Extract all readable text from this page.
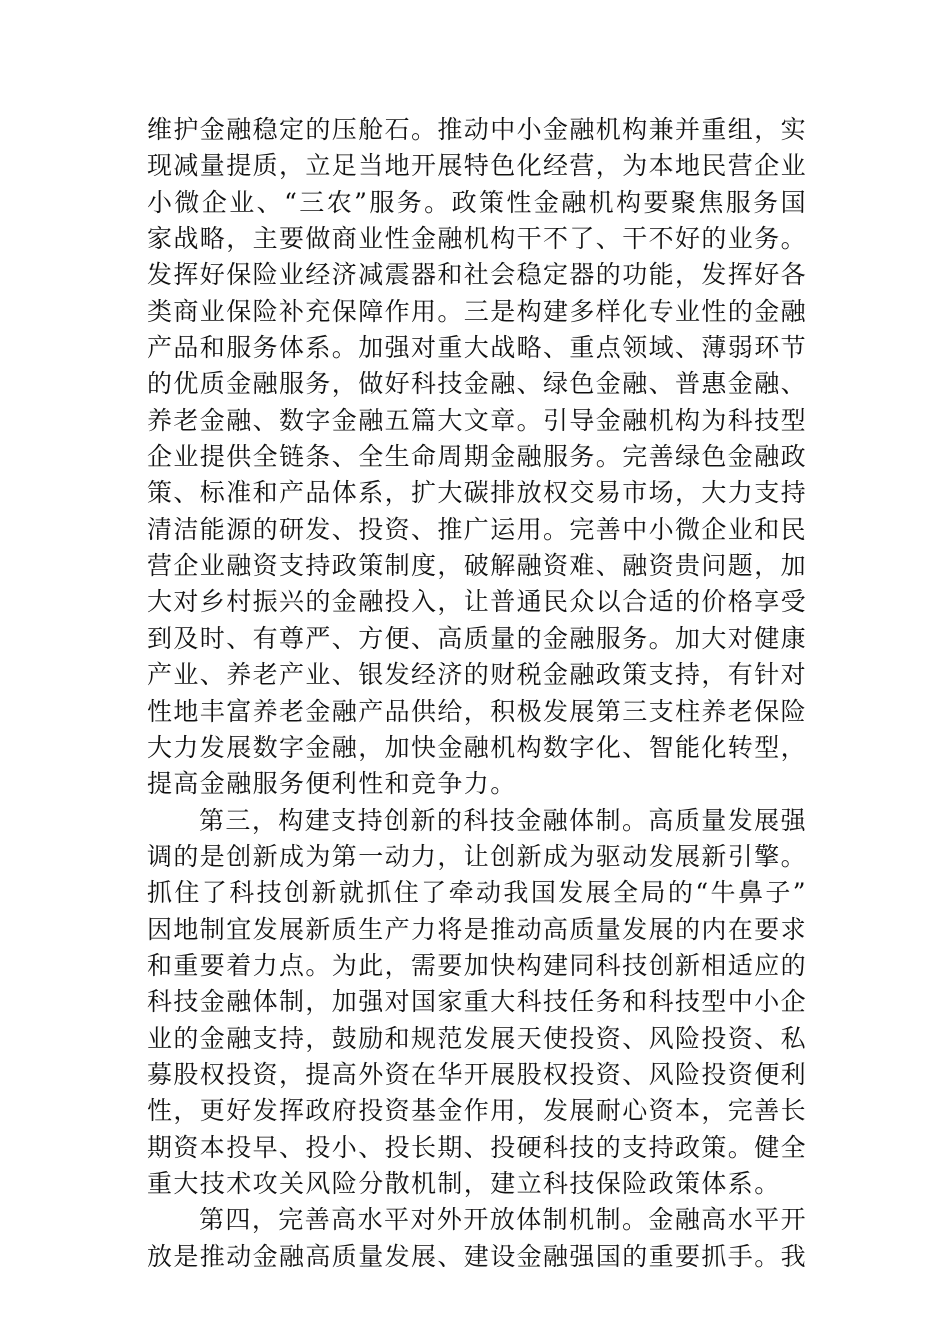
维护金融稳定的压舱石。推动中小金融机构兼并重组，实
现减量提质，立足当地开展特色化经营，为本地民营企业
小微企业、“三农”服务。政策性金融机构要聚焦服务国
家战略，主要做商业性金融机构干不了、干不好的业务。
发挥好保险业经济减震器和社会稳定器的功能，发挥好各
类商业保险补充保障作用。三是构建多样化专业性的金融
产品和服务体系。加强对重大战略、重点领域、薄弱环节
的优质金融服务，做好科技金融、绿色金融、普惠金融、
养老金融、数字金融五篇大文章。引导金融机构为科技型
企业提供全链条、全生命周期金融服务。完善绿色金融政
策、标准和产品体系，扩大碳排放权交易市场，大力支持
清洁能源的研发、投资、推广运用。完善中小微企业和民
营企业融资支持政策制度，破解融资难、融资贵问题，加
大对乡村振兴的金融投入，让普通民众以合适的价格享受
到及时、有尊严、方便、高质量的金融服务。加大对健康
产业、养老产业、银发经济的财税金融政策支持，有针对
性地丰富养老金融产品供给，积极发展第三支柱养老保险
大力发展数字金融，加快金融机构数字化、智能化转型，
提高金融服务便利性和竞争力。
第三，构建支持创新的科技金融体制。高质量发展强
调的是创新成为第一动力，让创新成为驱动发展新引擎。
抓住了科技创新就抓住了牵动我国发展全局的“牛鼻子”
因地制宜发展新质生产力将是推动高质量发展的内在要求
和重要着力点。为此，需要加快构建同科技创新相适应的
科技金融体制，加强对国家重大科技任务和科技型中小企
业的金融支持，鼓励和规范发展天使投资、风险投资、私
募股权投资，提高外资在华开展股权投资、风险投资便利
性，更好发挥政府投资基金作用，发展耐心资本，完善长
期资本投早、投小、投长期、投硬科技的支持政策。健全
重大技术攻关风险分散机制，建立科技保险政策体系。
第四，完善高水平对外开放体制机制。金融高水平开
放是推动金融高质量发展、建设金融强国的重要抓手。我
